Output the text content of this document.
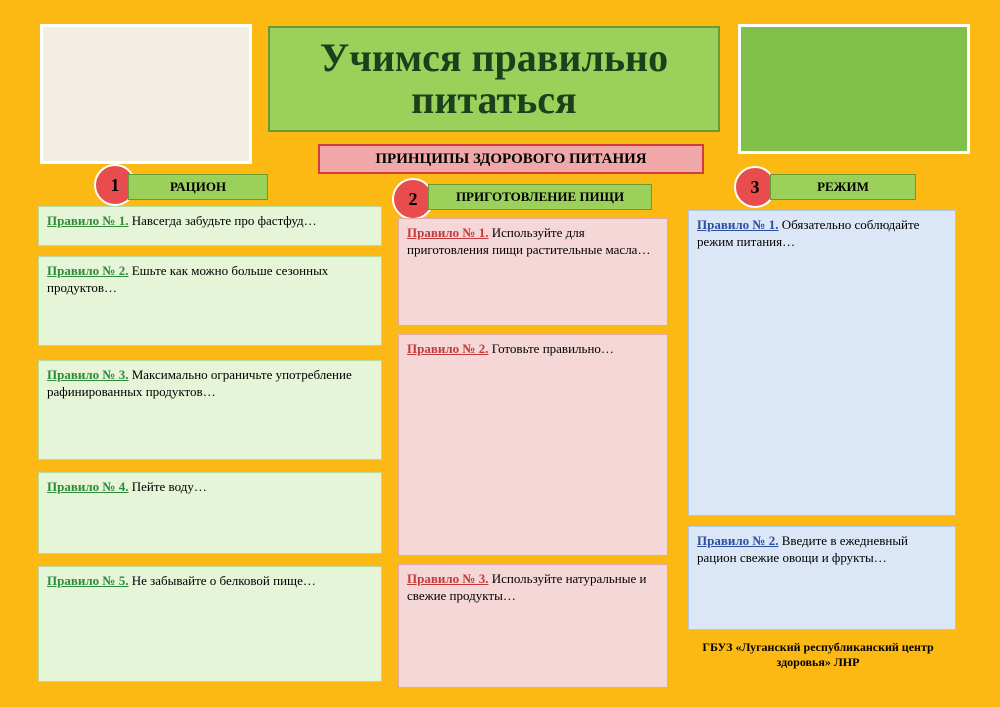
Учимся правильно питаться
ПРИНЦИПЫ ЗДОРОВОГО ПИТАНИЯ
1	РАЦИОН
2	ПРИГОТОВЛЕНИЕ ПИЩИ	3	РЕЖИМ
Правило № 1. Навсегда забудьте про фастфуд…
Правило № 2. Ешьте как можно больше сезонных продуктов…
Правило № 3. Максимально ограничьте употребление рафинированных продуктов…
Правило № 4. Пейте воду…
Правило № 5. Не забывайте о белковой пище…
Правило № 1. Используйте для приготовления пищи растительные масла…
Правило № 2. Готовьте правильно…
Правило № 3. Используйте натуральные и свежие продукты…
Правило № 1. Обязательно соблюдайте режим питания…
Правило № 2. Введите в ежедневный рацион свежие овощи и фрукты…
ГБУЗ «Луганский республиканский центр здоровья» ЛНР
